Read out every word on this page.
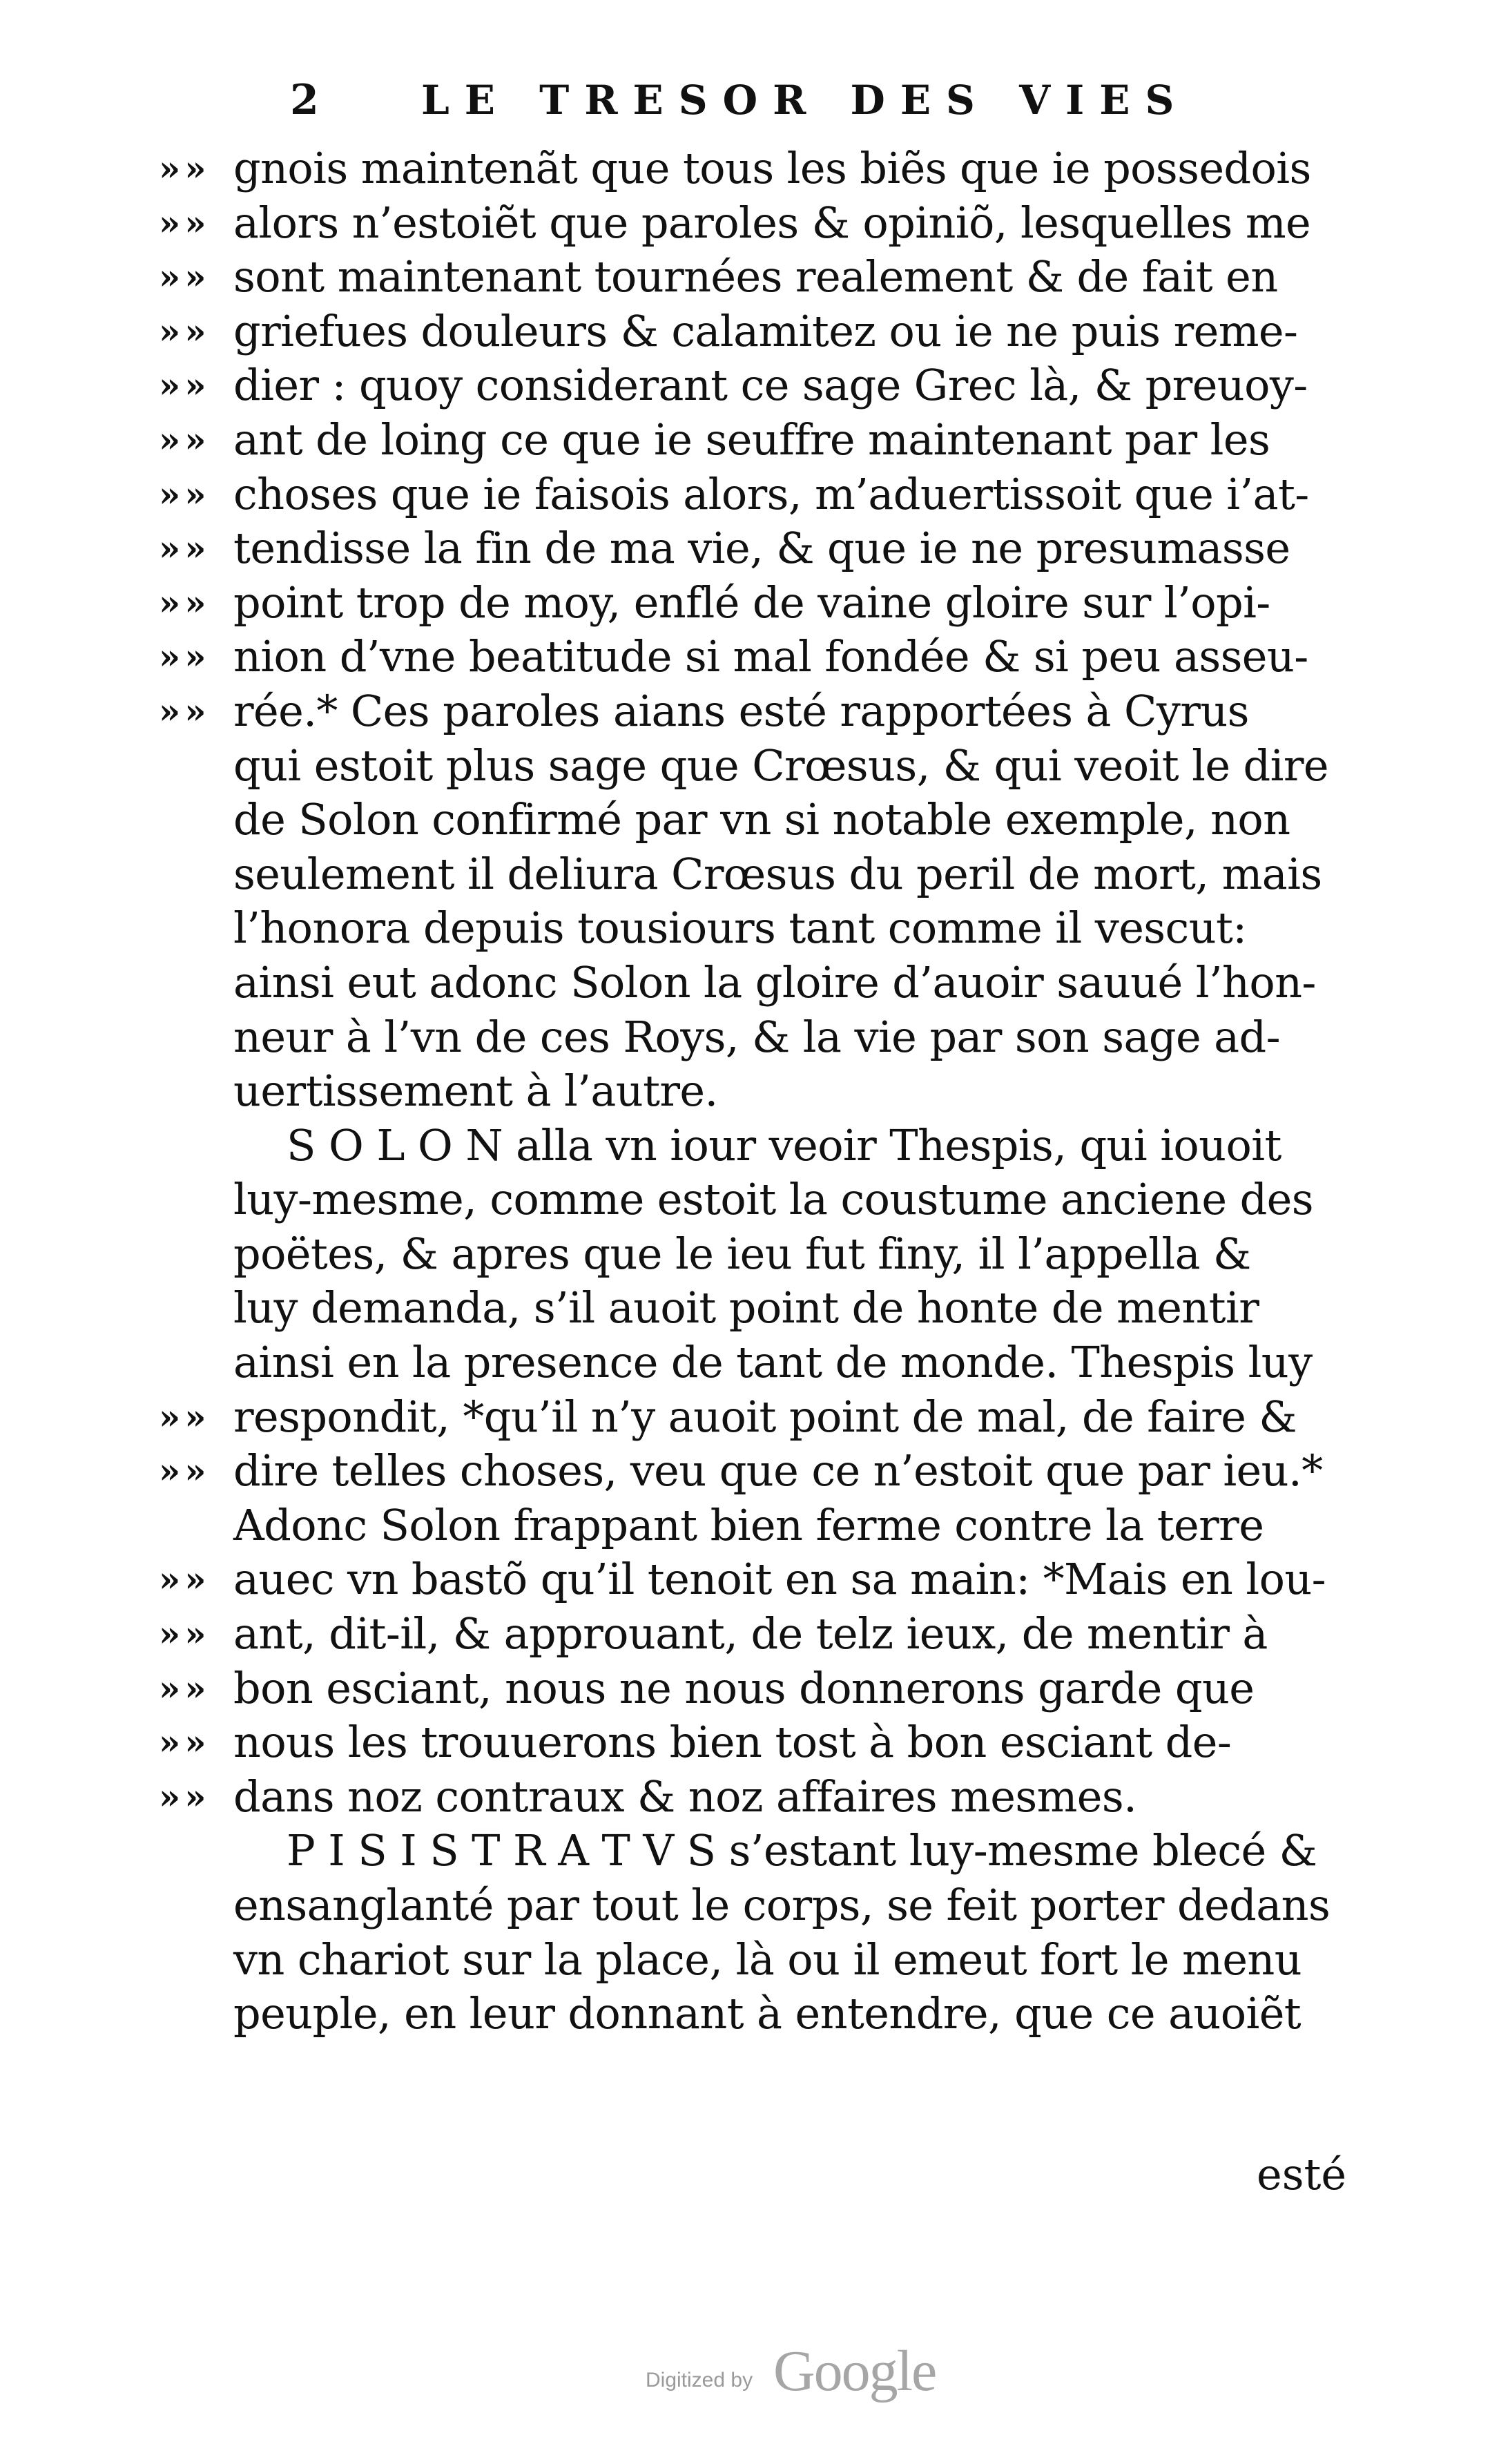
2	LE TRESOR DES VIES
»» gnois maintenãt que tous les biẽs que ie possedois
»» alors n’estoiẽt que paroles & opiniõ, lesquelles me
»» sont maintenant tournées realement & de fait en
»» griefues douleurs & calamitez ou ie ne puis reme-
»» dier : quoy considerant ce sage Grec là, & preuoy-
»» ant de loing ce que ie seuffre maintenant par les
»» choses que ie faisois alors, m’aduertissoit que i’at-
»» tendisse la fin de ma vie, & que ie ne presumasse
»» point trop de moy, enflé de vaine gloire sur l’opi-
»» nion d’vne beatitude si mal fondée & si peu asseu-
»» rée.* Ces paroles aians esté rapportées à Cyrus
qui estoit plus sage que Crœsus, & qui veoit le dire
de Solon confirmé par vn si notable exemple, non
seulement il deliura Crœsus du peril de mort, mais
l’honora depuis tousiours tant comme il vescut:
ainsi eut adonc Solon la gloire d’auoir sauué l’hon-
neur à l’vn de ces Roys, & la vie par son sage ad-
uertissement à l’autre.
S O L O N alla vn iour veoir Thespis, qui iouoit
luy-mesme, comme estoit la coustume anciene des
poëtes, & apres que le ieu fut finy, il l’appella &
luy demanda, s’il auoit point de honte de mentir
ainsi en la presence de tant de monde. Thespis luy
»» respondit, *qu’il n’y auoit point de mal, de faire &
»» dire telles choses, veu que ce n’estoit que par ieu.*
Adonc Solon frappant bien ferme contre la terre
»» auec vn bastõ qu’il tenoit en sa main: *Mais en lou-
»» ant, dit-il, & approuant, de telz ieux, de mentir à
»» bon esciant, nous ne nous donnerons garde que
»» nous les trouuerons bien tost à bon esciant de-
»» dans noz contraux & noz affaires mesmes.
P I S I S T R A T V S s’estant luy-mesme blecé &
ensanglanté par tout le corps, se feit porter dedans
vn chariot sur la place, là ou il emeut fort le menu
peuple, en leur donnant à entendre, que ce auoiẽt
esté
Digitized by Google
